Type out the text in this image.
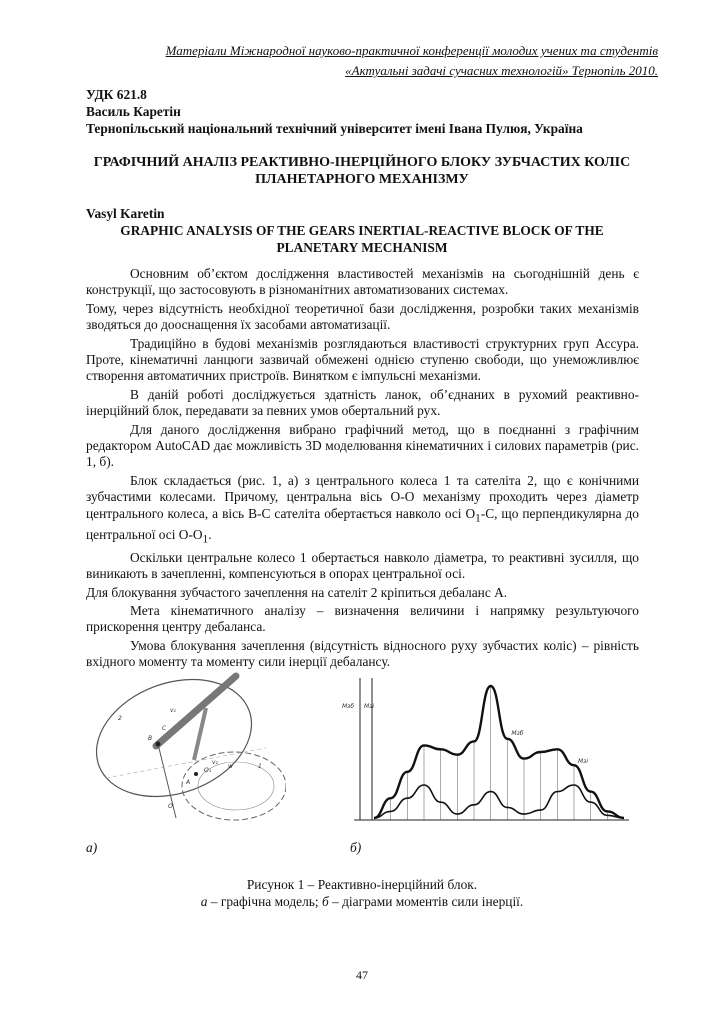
Матеріали Міжнародної науково-практичної конференції молодих учених та студентів
«Актуальні задачі сучасних технологій» Тернопіль 2010.
УДК 621.8
Василь Каретін
Тернопільський національний технічний університет імені Івана Пулюя, Україна
ГРАФІЧНИЙ АНАЛІЗ РЕАКТИВНО-ІНЕРЦІЙНОГО БЛОКУ ЗУБЧАСТИХ КОЛІС ПЛАНЕТАРНОГО МЕХАНІЗМУ
Vasyl Karetin
GRAPHIC ANALYSIS OF THE GEARS INERTIAL-REACTIVE BLOCK OF THE PLANETARY MECHANISM

Основним об’єктом дослідження властивостей механізмів на сьогоднішній день є конструкції, що застосовують в різноманітних автоматизованих системах.

Тому, через відсутність необхідної теоретичної бази дослідження, розробки таких механізмів зводяться до дооснащення їх засобами автоматизації.

Традиційно в будові механізмів розглядаються властивості структурних груп Ассура. Проте, кінематичні ланцюги зазвичай обмежені однією ступеню свободи, що унеможливлює створення автоматичних пристроїв. Винятком є імпульсні механізми.

В даній роботі досліджується здатність ланок, об’єднаних в рухомий реактивно-інерційний блок, передавати за певних умов обертальний рух.

Для даного дослідження вибрано графічний метод, що в поєднанні з графічним редактором AutoCAD дає можливість 3D моделювання кінематичних і силових параметрів (рис. 1, б).

Блок складається (рис. 1, а) з центрального колеса 1 та сателіта 2, що є конічними зубчастими колесами. Причому, центральна вісь О-О механізму проходить через діаметр центрального колеса, а вісь В-С сателіта обертається навколо осі $О_1-С$, що перпендикулярна до центральної осі $О-О_1$.

Оскільки центральне колесо 1 обертається навколо діаметра, то реактивні зусилля, що виникають в зачепленні, компенсуються в опорах центральної осі.

Для блокування зубчастого зачеплення на сателіт 2 кріпиться дебаланс А.

Мета кінематичного аналізу – визначення величини і напрямку результуючого прискорення центру дебаланса.

Умова блокування зачеплення (відсутність відносного руху зубчастих коліс) – рівність вхідного моменту та моменту сили інерції дебалансу.

2
1
B
C
A
O
O₁
v₁
v₂
w
Мзб Мзі
Мзб
Мзі
а)	б)
Рисунок 1 – Реактивно-інерційний блок.
а – графічна модель; б – діаграми моментів сили інерції.
47
